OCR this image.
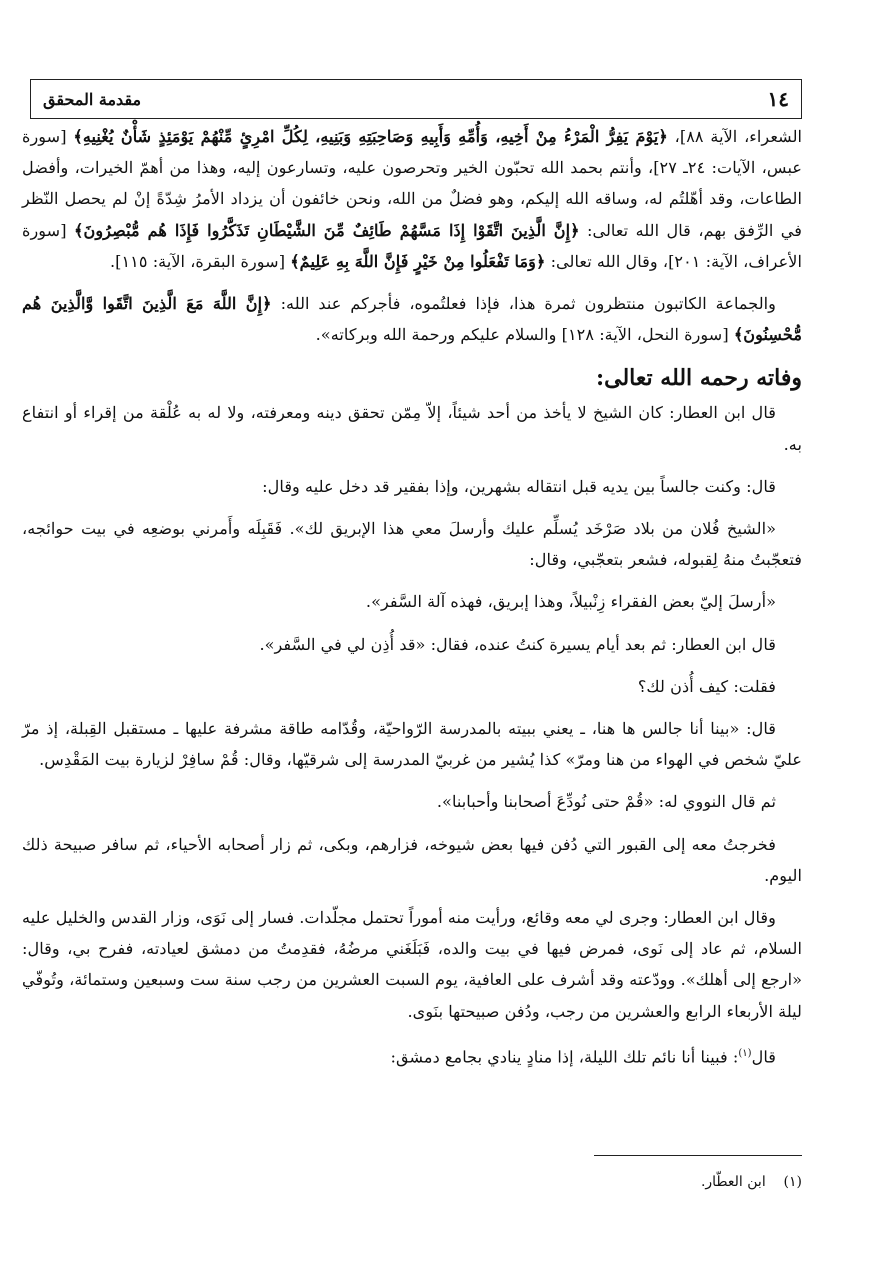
١٤
مقدمة المحقق

الشعراء، الآية ٨٨]، ﴿يَوْمَ يَفِرُّ الْمَرْءُ مِنْ أَخِيهِ، وَأُمِّهِ وَأَبِيهِ وَصَاحِبَتِهِ وَبَنِيهِ، لِكُلِّ امْرِئٍ مِّنْهُمْ يَوْمَئِذٍ شَأْنٌ يُغْنِيهِ﴾ [سورة عبس، الآيات: ٢٤ـ ٢٧]، وأنتم بحمد الله تحبّون الخير وتحرصون عليه، وتسارعون إليه، وهذا من أهمّ الخيرات، وأفضل الطاعات، وقد أهّلتُم له، وساقه الله إليكم، وهو فضلٌ من الله، ونحن خائفون أن يزداد الأمرُ شِدّةً إنْ لم يحصل النّظر في الرِّفق بهم، قال الله تعالى: ﴿إِنَّ الَّذِينَ اتَّقَوْا إِذَا مَسَّهُمْ طَائِفٌ مِّنَ الشَّيْطَانِ تَذَكَّرُوا فَإِذَا هُم مُّبْصِرُونَ﴾ [سورة الأعراف، الآية: ٢٠١]، وقال الله تعالى: ﴿وَمَا تَفْعَلُوا مِنْ خَيْرٍ فَإِنَّ اللَّهَ بِهِ عَلِيمٌ﴾ [سورة البقرة، الآية: ١١٥].

والجماعة الكاتبون منتظرون ثمرة هذا، فإذا فعلتُموه، فأجركم عند الله: ﴿إِنَّ اللَّهَ مَعَ الَّذِينَ اتَّقَوا وَّالَّذِينَ هُم مُّحْسِنُونَ﴾ [سورة النحل، الآية: ١٢٨] والسلام عليكم ورحمة الله وبركاته».

وفاته رحمه الله تعالى:

قال ابن العطار: كان الشيخ لا يأخذ من أحد شيئاً، إلاّ مِمّن تحقق دينه ومعرفته، ولا له به عُلْقة من إقراء أو انتفاع به.

قال: وكنت جالساً بين يديه قبل انتقاله بشهرين، وإذا بفقير قد دخل عليه وقال:

«الشيخ فُلان من بلاد صَرْخَد يُسلِّم عليك وأرسلَ معي هذا الإبريق لك». فَقَبِلَه وأَمرني بوضعِه في بيت حوائجه، فتعجّبتُ منهُ لِقبوله، فشعر بتعجّبي، وقال:

«أرسلَ إليّ بعض الفقراء زِنْبيلاً، وهذا إبريق، فهذه آلة السَّفر».

قال ابن العطار: ثم بعد أيام يسيرة كنتُ عنده، فقال: «قد أُذِن لي في السَّفر».

فقلت: كيف أُذن لك؟

قال: «بينا أنا جالس ها هنا، ـ يعني ببيته بالمدرسة الرّواحيّة، وقُدّامه طاقة مشرفة عليها ـ مستقبل القِبلة، إذ مرّ عليّ شخص في الهواء من هنا ومرّ» كذا يُشير من غربيّ المدرسة إلى شرقيّها، وقال: قُمْ سافِرْ لزيارة بيت المَقْدِس.

ثم قال النووي له: «قُمْ حتى نُودِّعَ أصحابنا وأحبابنا».

فخرجتُ معه إلى القبور التي دُفن فيها بعض شيوخه، فزارهم، وبكى، ثم زار أصحابه الأحياء، ثم سافر صبيحة ذلك اليوم.

وقال ابن العطار: وجرى لي معه وقائع، ورأيت منه أموراً تحتمل مجلّدات. فسار إلى نَوَى، وزار القدس والخليل عليه السلام، ثم عاد إلى نَوى، فمرض فيها في بيت والده، فَبَلَغَني مرضُهُ، فقدِمتُ من دمشق لعيادته، ففرح بي، وقال: «ارجع إلى أهلك». وودّعته وقد أشرف على العافية، يوم السبت العشرين من رجب سنة ست وسبعين وستمائة، وتُوفّي ليلة الأربعاء الرابع والعشرين من رجب، ودُفن صبيحتها بنَوى.

قال$^{(١)}$: فبينا أنا نائم تلك الليلة، إذا منادٍ ينادي بجامع دمشق:

(١)    ابن العطّار.
